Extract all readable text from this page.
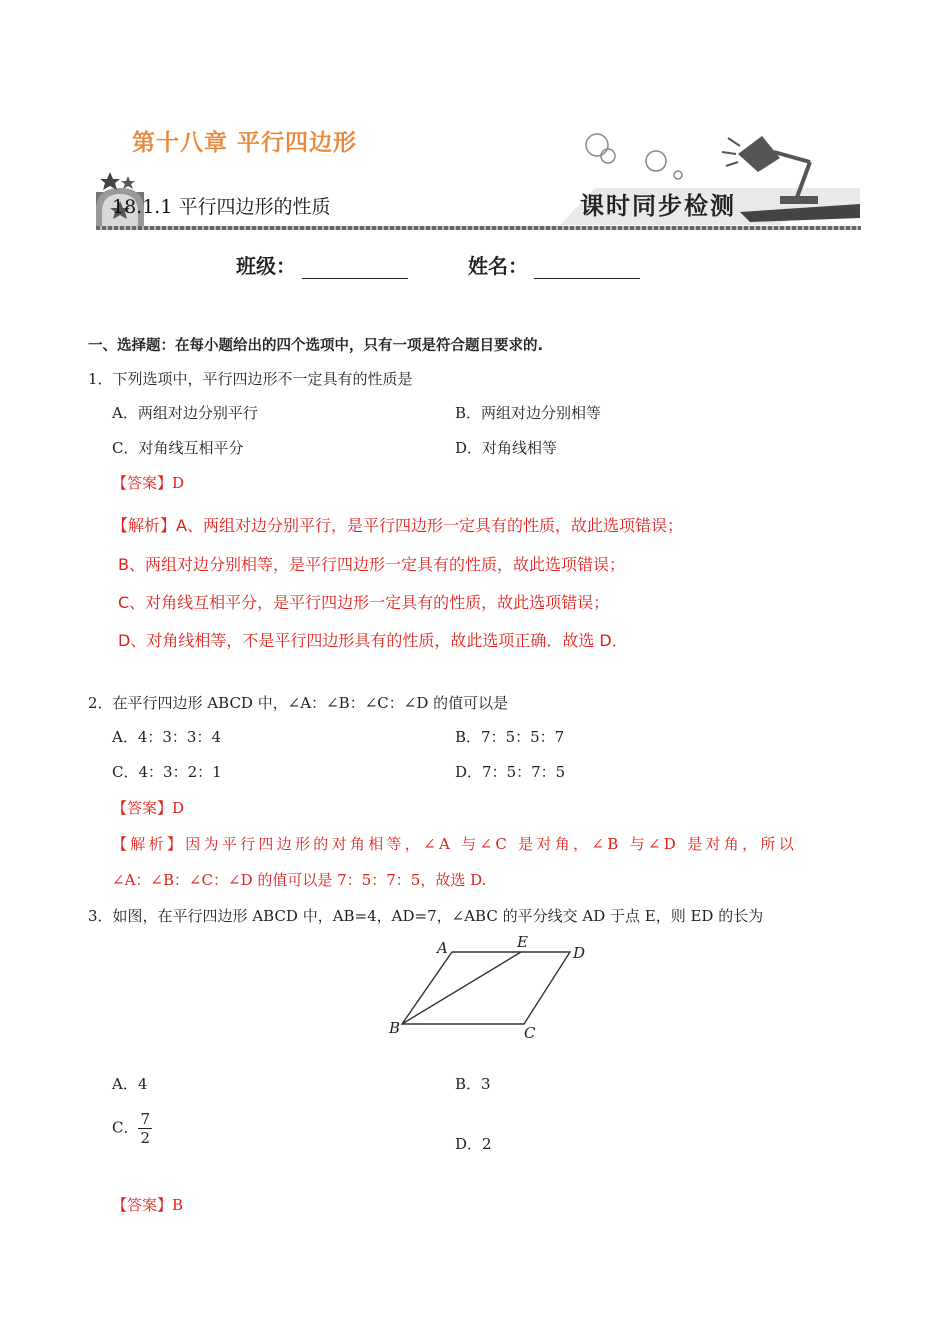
第十八章 平行四边形
18.1.1 平行四边形的性质	课时同步检测
班级：	姓名：
一、选择题：在每小题给出的四个选项中，只有一项是符合题目要求的.
1．下列选项中，平行四边形不一定具有的性质是
A．两组对边分别平行	B．两组对边分别相等
C．对角线互相平分	D．对角线相等
【答案】D
【解析】A、两组对边分别平行，是平行四边形一定具有的性质，故此选项错误；
B、两组对边分别相等，是平行四边形一定具有的性质，故此选项错误；
C、对角线互相平分，是平行四边形一定具有的性质，故此选项错误；
D、对角线相等，不是平行四边形具有的性质，故此选项正确．故选 D．
2．在平行四边形 ABCD 中，∠A：∠B：∠C：∠D 的值可以是
A．4：3：3：4	B．7：5：5：7
C．4：3：2：1	D．7：5：7：5
【答案】D
【解析】因为平行四边形的对角相等，∠A 与∠C 是对角，∠B 与∠D 是对角，所以
∠A：∠B：∠C：∠D 的值可以是 7：5：7：5，故选 D.
3．如图，在平行四边形 ABCD 中，AB=4，AD=7，∠ABC 的平分线交 AD 于点 E，则 ED 的长为
A	E
D
B	C
A．4	B．3
C． $\frac{7}{2}$	D．2
【答案】B
